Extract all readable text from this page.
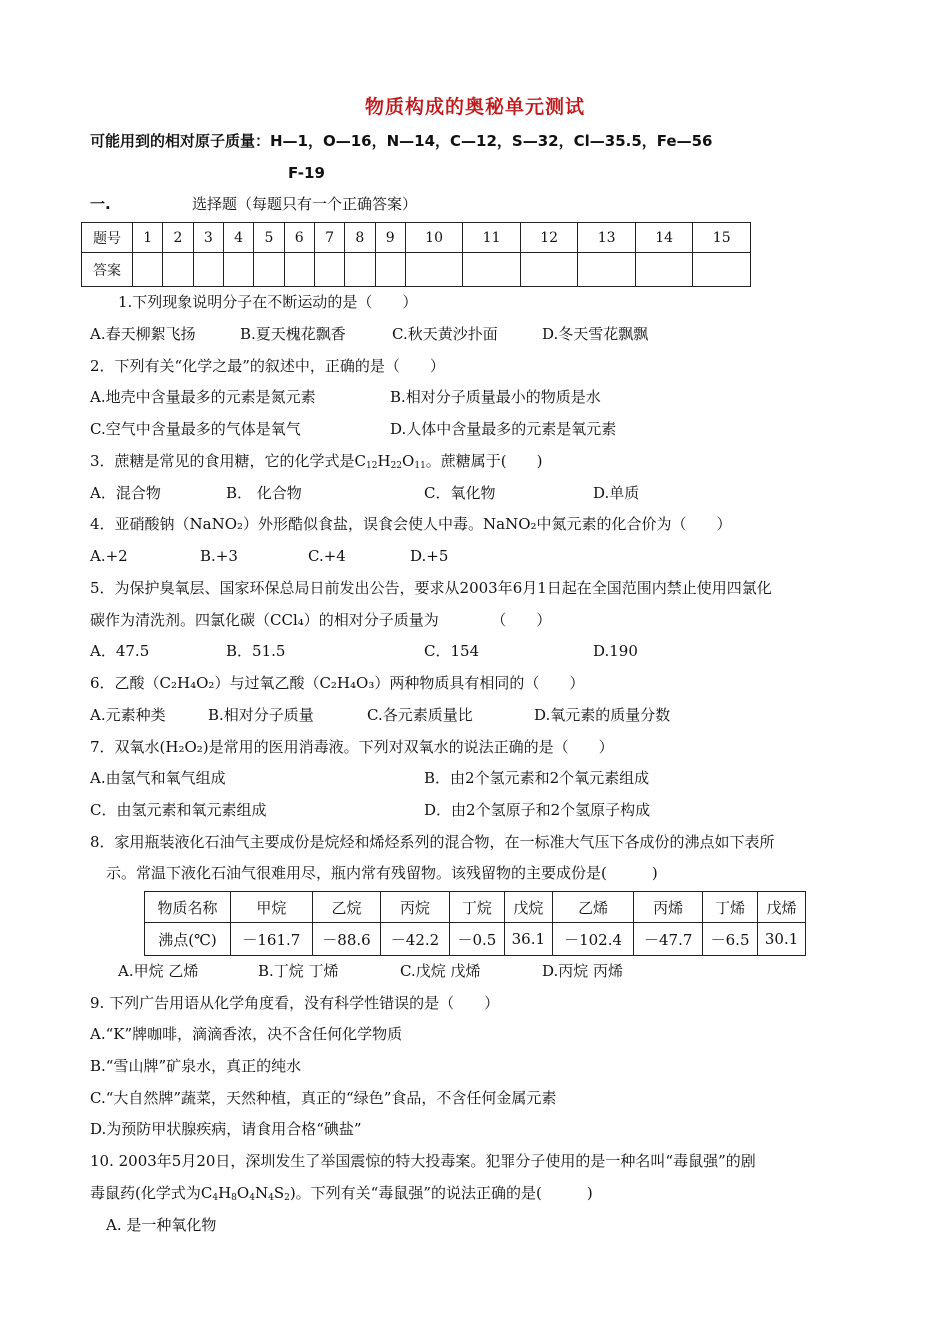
物质构成的奥秘单元测试
可能用到的相对原子质量：H—1，O—16，N—14，C—12，S—32，Cl—35.5，Fe—56
F-19
一.	选择题（每题只有一个正确答案）
题号	1	2	3	4	5	6	7	8	9	10	11	12	13	14	15
答案															
1.下列现象说明分子在不断运动的是（　　）
A.春天柳絮飞扬	B.夏天槐花飘香	C.秋天黄沙扑面	D.冬天雪花飘飘
2．下列有关“化学之最”的叙述中，正确的是（　　）
A.地壳中含量最多的元素是氮元素	B.相对分子质量最小的物质是水
C.空气中含量最多的气体是氧气	D.人体中含量最多的元素是氧元素
3．蔗糖是常见的食用糖，它的化学式是$C_{12}H_{22}O_{11}$。蔗糖属于(　　)
A．混合物	B． 化合物	C．氧化物	D.单质
4．亚硝酸钠（NaNO₂）外形酷似食盐，误食会使人中毒。NaNO₂中氮元素的化合价为（　　）
A.+2	B.+3	C.+4	D.+5
5．为保护臭氧层、国家环保总局日前发出公告，要求从2003年6月1日起在全国范围内禁止使用四氯化
碳作为清洗剂。四氯化碳（CCl₄）的相对分子质量为　　　　（　　）
A．47.5	B．51.5	C．154	D.190
6．乙酸（C₂H₄O₂）与过氧乙酸（C₂H₄O₃）两种物质具有相同的（　　）
A.元素种类	B.相对分子质量	C.各元素质量比	D.氧元素的质量分数
7．双氧水(H₂O₂)是常用的医用消毒液。下列对双氧水的说法正确的是（　　）
A.由氢气和氧气组成	B．由2个氢元素和2个氧元素组成
C．由氢元素和氧元素组成	D．由2个氢原子和2个氢原子构成
8．家用瓶装液化石油气主要成份是烷烃和烯烃系列的混合物，在一标准大气压下各成份的沸点如下表所
示。常温下液化石油气很难用尽，瓶内常有残留物。该残留物的主要成份是(　　　)
物质名称	甲烷	乙烷	丙烷	丁烷	戊烷	乙烯	丙烯	丁烯	戊烯
沸点(℃)	－161.7	－88.6	－42.2	－0.5	36.1	－102.4	－47.7	－6.5	30.1
A.甲烷 乙烯	B.丁烷 丁烯	C.戊烷 戊烯	D.丙烷 丙烯
9. 下列广告用语从化学角度看，没有科学性错误的是（　　）
A.“K”牌咖啡，滴滴香浓，决不含任何化学物质
B.“雪山牌”矿泉水，真正的纯水
C.“大自然牌”蔬菜，天然种植，真正的“绿色”食品，不含任何金属元素
D.为预防甲状腺疾病，请食用合格“碘盐”
10. 2003年5月20日，深圳发生了举国震惊的特大投毒案。犯罪分子使用的是一种名叫“毒鼠强”的剧
毒鼠药(化学式为$C_4H_8O_4N_4S_2$)。下列有关“毒鼠强”的说法正确的是(　　　)
A. 是一种氧化物
